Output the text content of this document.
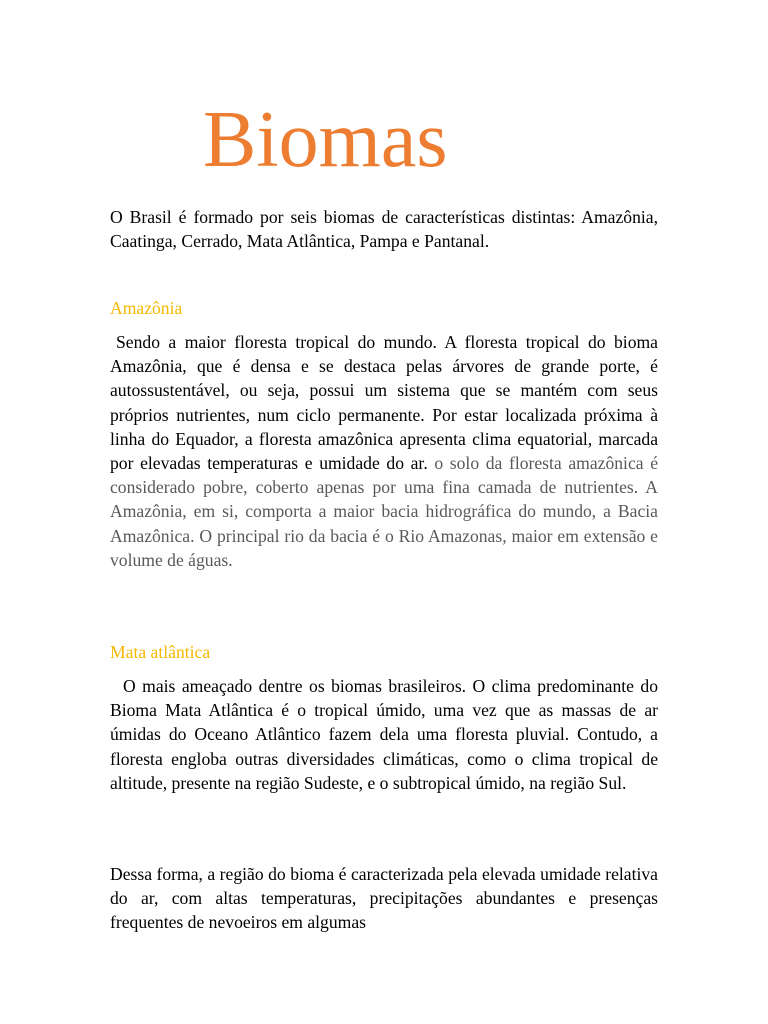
Biomas

O Brasil é formado por seis biomas de características distintas: Amazônia, Caatinga, Cerrado, Mata Atlântica, Pampa e Pantanal.

Amazônia

Sendo a maior floresta tropical do mundo. A floresta tropical do bioma Amazônia, que é densa e se destaca pelas árvores de grande porte, é autossustentável, ou seja, possui um sistema que se mantém com seus próprios nutrientes, num ciclo permanente. Por estar localizada próxima à linha do Equador, a floresta amazônica apresenta clima equatorial, marcada por elevadas temperaturas e umidade do ar. o solo da floresta amazônica é considerado pobre, coberto apenas por uma fina camada de nutrientes. A Amazônia, em si, comporta a maior bacia hidrográfica do mundo, a Bacia Amazônica. O principal rio da bacia é o Rio Amazonas, maior em extensão e volume de águas.

Mata atlântica

O mais ameaçado dentre os biomas brasileiros. O clima predominante do Bioma Mata Atlântica é o tropical úmido, uma vez que as massas de ar úmidas do Oceano Atlântico fazem dela uma floresta pluvial. Contudo, a floresta engloba outras diversidades climáticas, como o clima tropical de altitude, presente na região Sudeste, e o subtropical úmido, na região Sul.

Dessa forma, a região do bioma é caracterizada pela elevada umidade relativa do ar, com altas temperaturas, precipitações abundantes e presenças frequentes de nevoeiros em algumas
